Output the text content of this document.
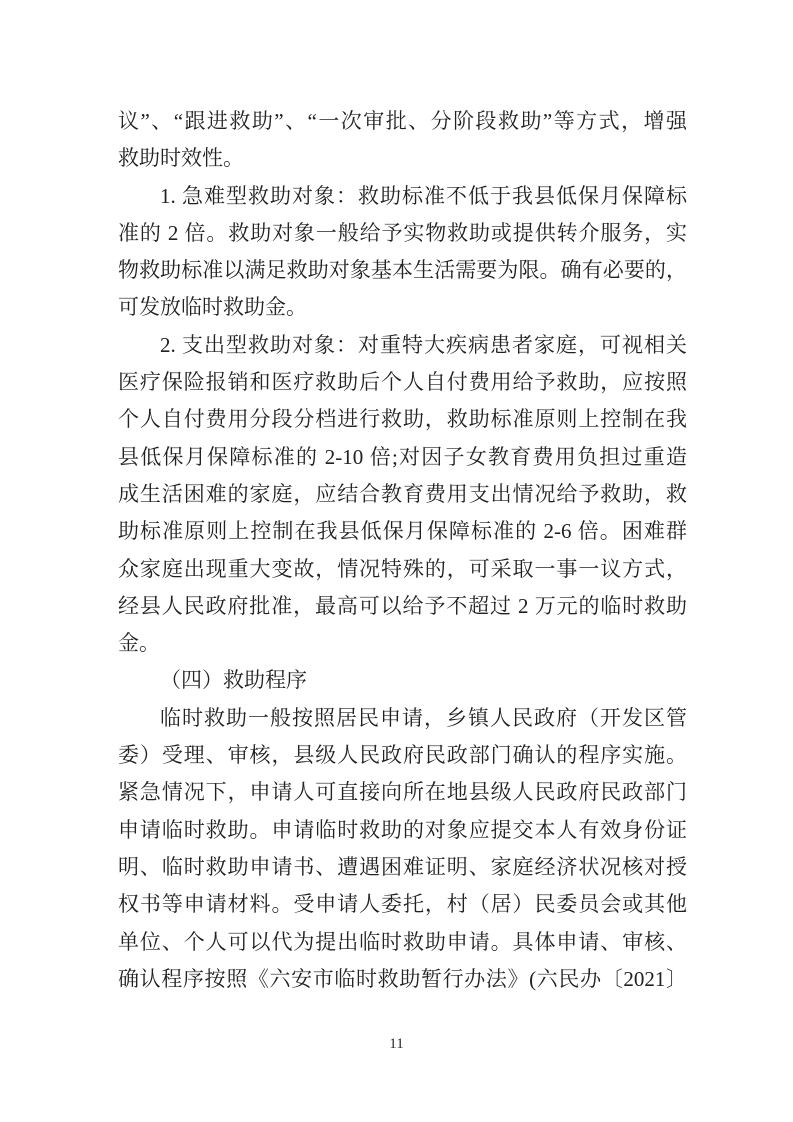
议”、“跟进救助”、“一次审批、分阶段救助”等方式，增强
救助时效性。
1. 急难型救助对象：救助标准不低于我县低保月保障标
准的 2 倍。救助对象一般给予实物救助或提供转介服务，实
物救助标准以满足救助对象基本生活需要为限。确有必要的，
可发放临时救助金。
2. 支出型救助对象：对重特大疾病患者家庭，可视相关
医疗保险报销和医疗救助后个人自付费用给予救助，应按照
个人自付费用分段分档进行救助，救助标准原则上控制在我
县低保月保障标准的 2-10 倍;对因子女教育费用负担过重造
成生活困难的家庭，应结合教育费用支出情况给予救助，救
助标准原则上控制在我县低保月保障标准的 2-6 倍。困难群
众家庭出现重大变故，情况特殊的，可采取一事一议方式，
经县人民政府批准，最高可以给予不超过 2 万元的临时救助
金。
（四）救助程序
临时救助一般按照居民申请，乡镇人民政府（开发区管
委）受理、审核，县级人民政府民政部门确认的程序实施。
紧急情况下，申请人可直接向所在地县级人民政府民政部门
申请临时救助。申请临时救助的对象应提交本人有效身份证
明、临时救助申请书、遭遇困难证明、家庭经济状况核对授
权书等申请材料。受申请人委托，村（居）民委员会或其他
单位、个人可以代为提出临时救助申请。具体申请、审核、
确认程序按照《六安市临时救助暂行办法》(六民办〔2021〕
11
